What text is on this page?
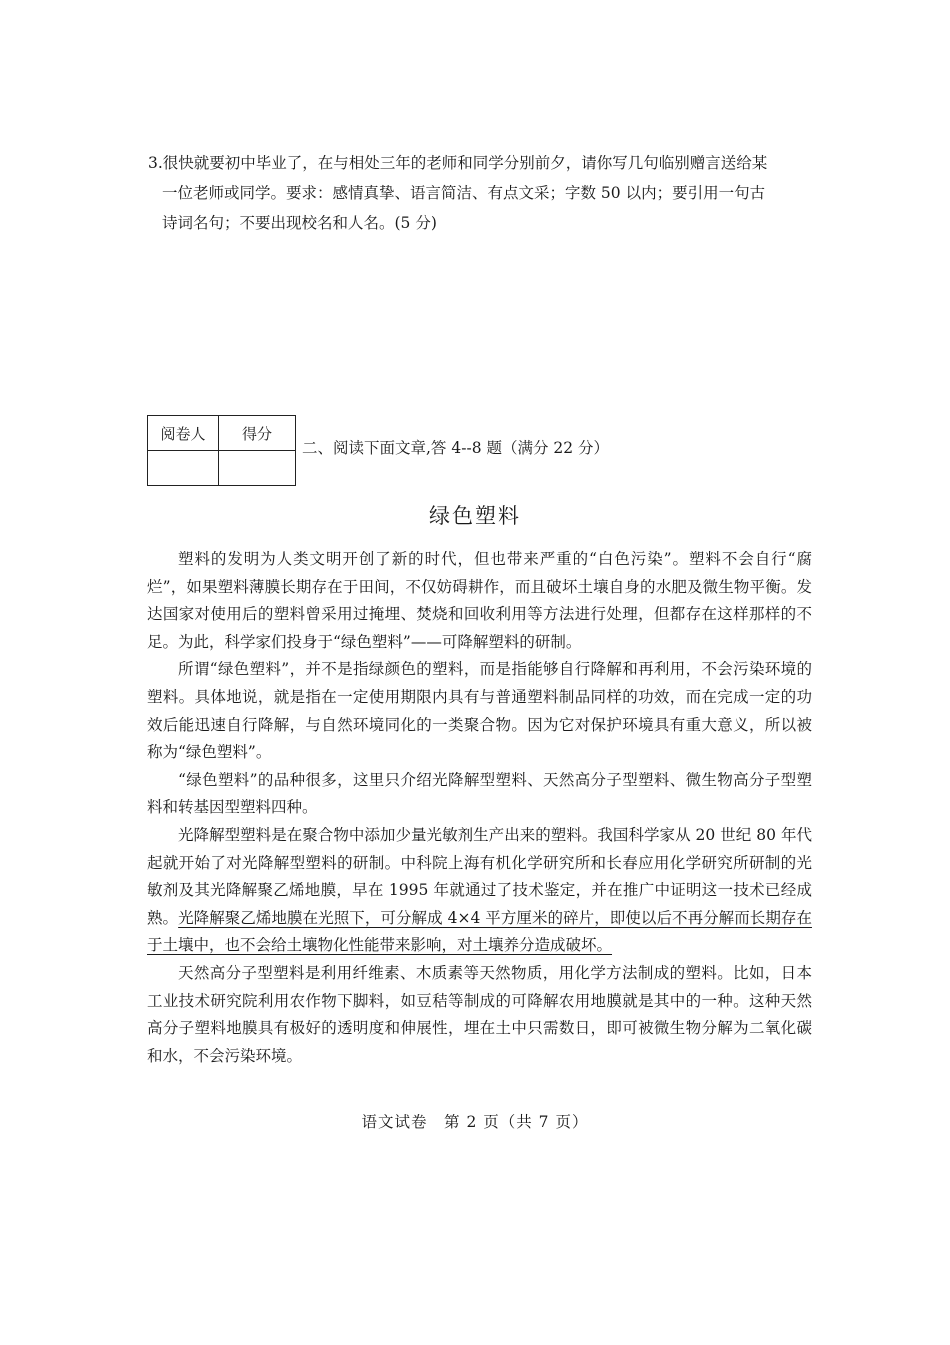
3.很快就要初中毕业了，在与相处三年的老师和同学分别前夕，请你写几句临别赠言送给某
一位老师或同学。要求：感情真挚、语言简洁、有点文采；字数 50 以内；要引用一句古
诗词名句；不要出现校名和人名。(5 分)
阅卷人	得分

二、阅读下面文章,答 4--8 题（满分 22 分）
绿色塑料

塑料的发明为人类文明开创了新的时代，但也带来严重的“白色污染”。塑料不会自行“腐烂”，如果塑料薄膜长期存在于田间，不仅妨碍耕作，而且破坏土壤自身的水肥及微生物平衡。发达国家对使用后的塑料曾采用过掩埋、焚烧和回收利用等方法进行处理，但都存在这样那样的不足。为此，科学家们投身于“绿色塑料”——可降解塑料的研制。

所谓“绿色塑料”，并不是指绿颜色的塑料，而是指能够自行降解和再利用，不会污染环境的塑料。具体地说，就是指在一定使用期限内具有与普通塑料制品同样的功效，而在完成一定的功效后能迅速自行降解，与自然环境同化的一类聚合物。因为它对保护环境具有重大意义，所以被称为“绿色塑料”。

“绿色塑料”的品种很多，这里只介绍光降解型塑料、天然高分子型塑料、微生物高分子型塑料和转基因型塑料四种。

光降解型塑料是在聚合物中添加少量光敏剂生产出来的塑料。我国科学家从 20 世纪 80 年代起就开始了对光降解型塑料的研制。中科院上海有机化学研究所和长春应用化学研究所研制的光敏剂及其光降解聚乙烯地膜，早在 1995 年就通过了技术鉴定，并在推广中证明这一技术已经成熟。光降解聚乙烯地膜在光照下，可分解成 4×4 平方厘米的碎片，即使以后不再分解而长期存在于土壤中，也不会给土壤物化性能带来影响，对土壤养分造成破坏。

天然高分子型塑料是利用纤维素、木质素等天然物质，用化学方法制成的塑料。比如，日本工业技术研究院利用农作物下脚料，如豆秸等制成的可降解农用地膜就是其中的一种。这种天然高分子塑料地膜具有极好的透明度和伸展性，埋在土中只需数日，即可被微生物分解为二氧化碳和水，不会污染环境。

语文试卷　第 2 页（共 7 页）
